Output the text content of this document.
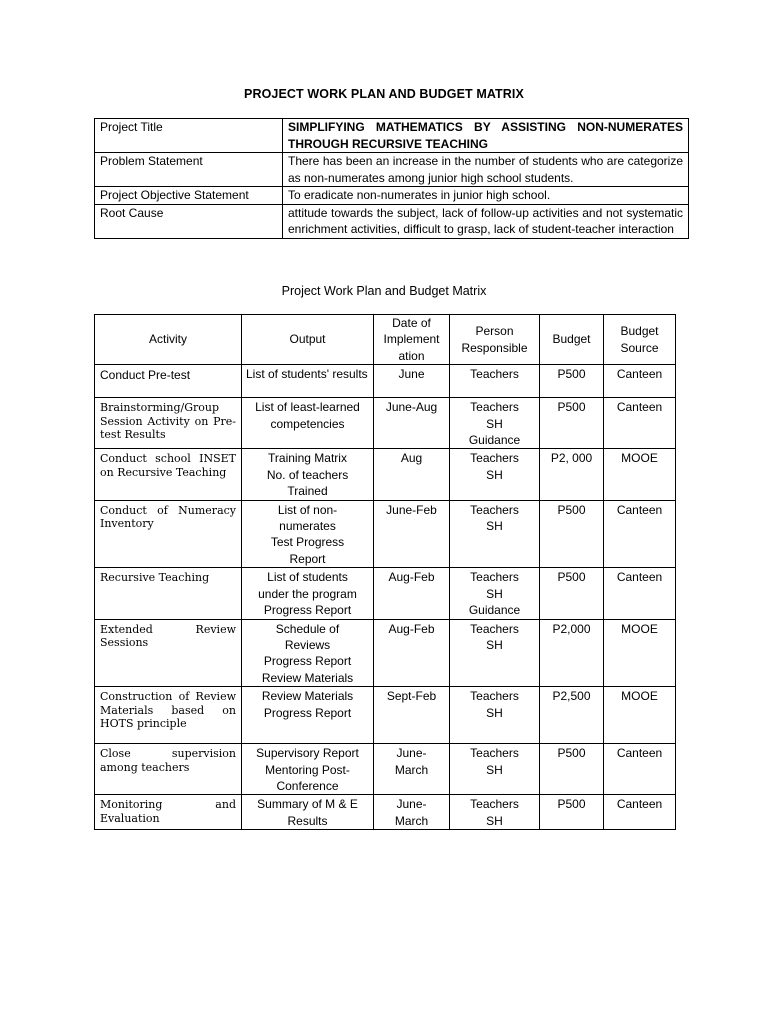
PROJECT WORK PLAN AND BUDGET MATRIX
Project Title	SIMPLIFYING MATHEMATICS BY ASSISTING NON-NUMERATES THROUGH RECURSIVE TEACHING
Problem Statement	There has been an increase in the number of students who are categorize as non-numerates among junior high school students.
Project Objective Statement	To eradicate non-numerates in junior high school.
Root Cause	attitude towards the subject, lack of follow-up activities and not systematic enrichment activities, difficult to grasp, lack of student-teacher interaction
Project Work Plan and Budget Matrix
Activity	Output	Date of
Implement
ation	Person
Responsible	Budget	Budget
Source

Conduct Pre-test	List of students' results	June	Teachers	P500	Canteen
Brainstorming/Group Session Activity on Pre-test Results	List of least-learned
competencies	June-Aug	Teachers
SH
Guidance	P500	Canteen
Conduct school INSET on Recursive Teaching	Training Matrix
No. of teachers
Trained	Aug	Teachers
SH	P2, 000	MOOE
Conduct of Numeracy Inventory	List of non-
numerates
Test Progress
Report	June-Feb	Teachers
SH	P500	Canteen
Recursive Teaching	List of students
under the program
Progress Report	Aug-Feb	Teachers
SH
Guidance	P500	Canteen
Extended Review Sessions	Schedule of
Reviews
Progress Report
Review Materials	Aug-Feb	Teachers
SH	P2,000	MOOE
Construction of Review Materials based on HOTS principle	Review Materials
Progress Report	Sept-Feb	Teachers
SH	P2,500	MOOE
Close supervision among teachers	Supervisory Report
Mentoring Post-
Conference	June-
March	Teachers
SH	P500	Canteen
Monitoring and Evaluation	Summary of M & E
Results	June-
March	Teachers
SH	P500	Canteen
